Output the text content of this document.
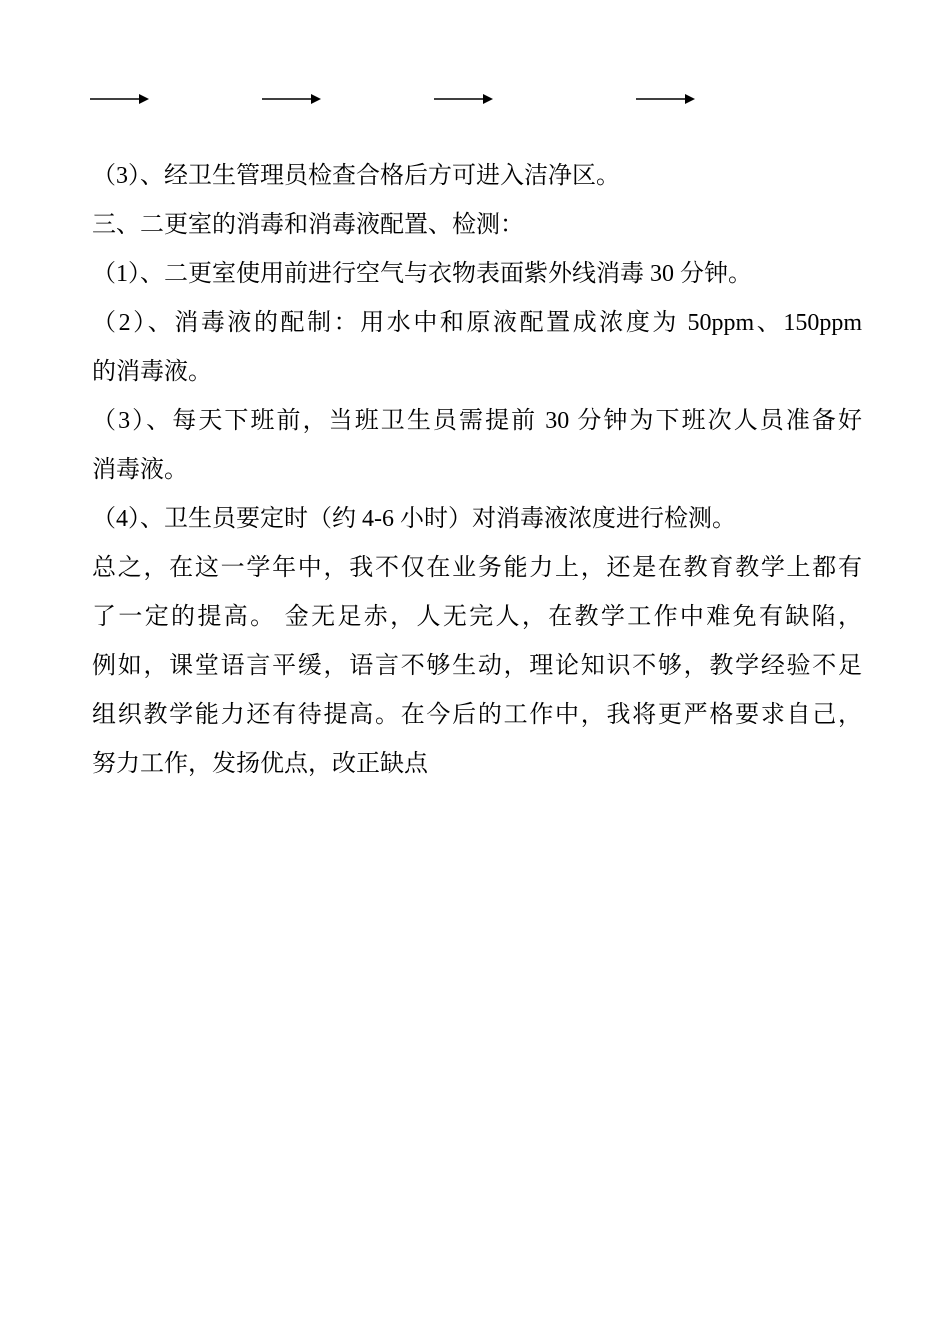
（3）、经卫生管理员检查合格后方可进入洁净区。
三、二更室的消毒和消毒液配置、检测：
（1）、二更室使用前进行空气与衣物表面紫外线消毒 30 分钟。
（2）、消毒液的配制：用水中和原液配置成浓度为 50ppm、150ppm
的消毒液。
（3）、每天下班前，当班卫生员需提前 30 分钟为下班次人员准备好
消毒液。
（4）、卫生员要定时（约 4-6 小时）对消毒液浓度进行检测。
总之，在这一学年中，我不仅在业务能力上，还是在教育教学上都有
了一定的提高。 金无足赤，人无完人，在教学工作中难免有缺陷，
例如，课堂语言平缓，语言不够生动，理论知识不够，教学经验不足
组织教学能力还有待提高。在今后的工作中，我将更严格要求自己，
努力工作，发扬优点，改正缺点
